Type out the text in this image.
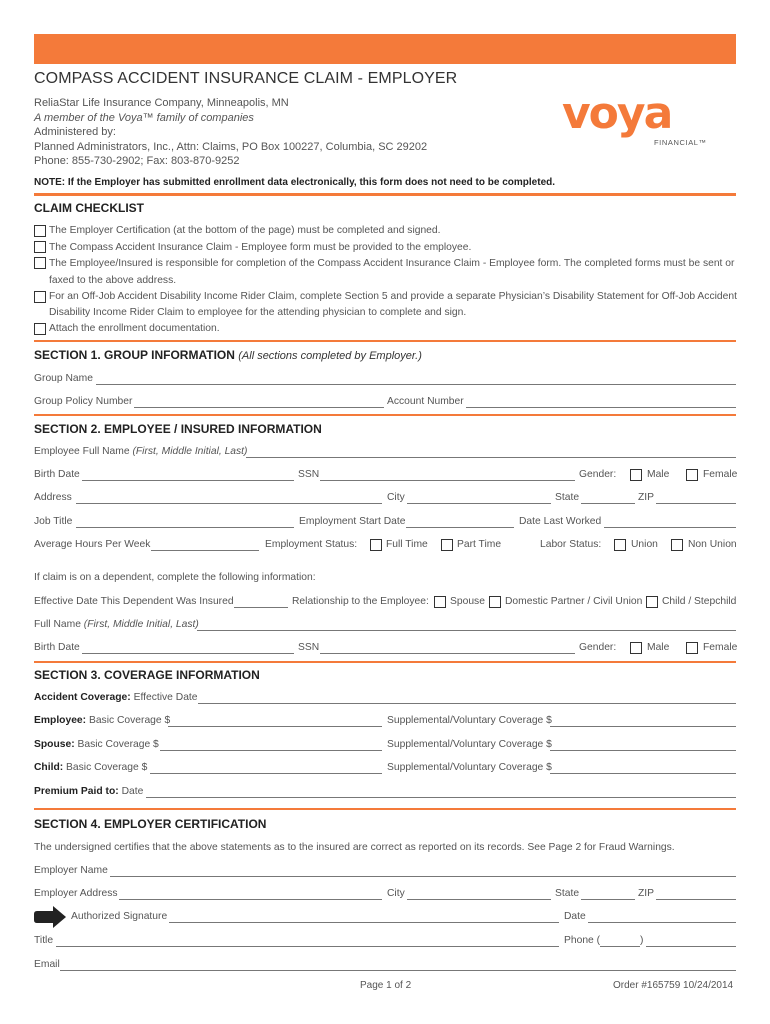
COMPASS ACCIDENT INSURANCE CLAIM - EMPLOYER
ReliaStar Life Insurance Company, Minneapolis, MN
A member of the Voya™ family of companies
Administered by:
Planned Administrators, Inc., Attn: Claims, PO Box 100227, Columbia, SC 29202
Phone: 855-730-2902; Fax: 803-870-9252
voya
FINANCIAL™
NOTE: If the Employer has submitted enrollment data electronically, this form does not need to be completed.
CLAIM CHECKLIST
The Employer Certification (at the bottom of the page) must be completed and signed.
The Compass Accident Insurance Claim - Employee form must be provided to the employee.
The Employee/Insured is responsible for completion of the Compass Accident Insurance Claim - Employee form. The completed forms must be sent or
faxed to the above address.
For an Off-Job Accident Disability Income Rider Claim, complete Section 5 and provide a separate Physician’s Disability Statement for Off-Job Accident
Disability Income Rider Claim to employee for the attending physician to complete and sign.
Attach the enrollment documentation.
SECTION 1. GROUP INFORMATION (All sections completed by Employer.)
Group Name
Group Policy Number	Account Number
SECTION 2. EMPLOYEE / INSURED INFORMATION
Employee Full Name (First, Middle Initial, Last)
Birth Date	SSN	Gender:	Male	Female
Address	City	State	ZIP
Job Title	Employment Start Date	Date Last Worked
Average Hours Per Week	Employment Status:	Full Time	Part Time	Labor Status:	Union	Non Union
If claim is on a dependent, complete the following information:
Effective Date This Dependent Was Insured	Relationship to the Employee: Spouse Domestic Partner / Civil Union Child / Stepchild
Full Name (First, Middle Initial, Last)
Birth Date	SSN	Gender:	Male	Female
SECTION 3. COVERAGE INFORMATION
Accident Coverage: Effective Date
Employee: Basic Coverage $	Supplemental/Voluntary Coverage $
Spouse: Basic Coverage $	Supplemental/Voluntary Coverage $
Child: Basic Coverage $	Supplemental/Voluntary Coverage $
Premium Paid to: Date
SECTION 4. EMPLOYER CERTIFICATION
The undersigned certifies that the above statements as to the insured are correct as reported on its records. See Page 2 for Fraud Warnings.
Employer Name
Employer Address	City	State	ZIP
Authorized Signature	Date
Title	Phone (	)
Email
Page 1 of 2	Order #165759 10/24/2014
